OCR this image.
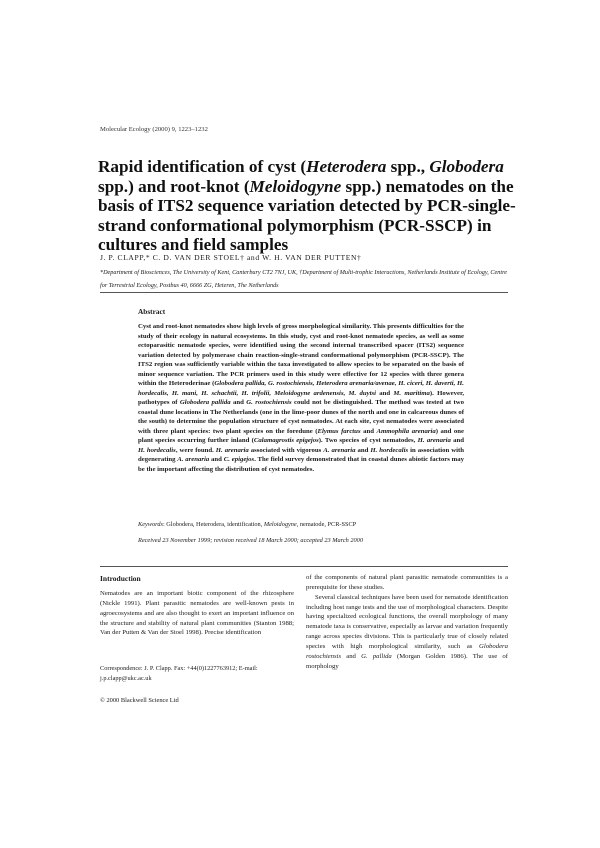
Molecular Ecology (2000) 9, 1223–1232
Rapid identification of cyst (Heterodera spp., Globodera spp.) and root-knot (Meloidogyne spp.) nematodes on the basis of ITS2 sequence variation detected by PCR-single-strand conformational polymorphism (PCR-SSCP) in cultures and field samples
J. P. CLAPP,* C. D. VAN DER STOEL† and W. H. VAN DER PUTTEN†
*Department of Biosciences, The University of Kent, Canterbury CT2 7NJ, UK, †Department of Multi-trophic Interactions, Netherlands Institute of Ecology, Centre for Terrestrial Ecology, Postbus 40, 6666 ZG, Heteren, The Netherlands
Abstract
Cyst and root-knot nematodes show high levels of gross morphological similarity. This presents difficulties for the study of their ecology in natural ecosystems. In this study, cyst and root-knot nematode species, as well as some ectoparasitic nematode species, were identified using the second internal transcribed spacer (ITS2) sequence variation detected by polymerase chain reaction-single-strand conformational polymorphism (PCR-SSCP). The ITS2 region was sufficiently variable within the taxa investigated to allow species to be separated on the basis of minor sequence variation. The PCR primers used in this study were effective for 12 species with three genera within the Heteroderinae (Globodera pallida, G. rostochiensis, Heterodera arenaria/avenae, H. ciceri, H. daverti, H. hordecalis, H. mani, H. schachtii, H. trifolii, Meloidogyne ardenensis, M. duytsi and M. maritima). However, pathotypes of Globodera pallida and G. rostochiensis could not be distinguished. The method was tested at two coastal dune locations in The Netherlands (one in the lime-poor dunes of the north and one in calcareous dunes of the south) to determine the population structure of cyst nematodes. At each site, cyst nematodes were associated with three plant species: two plant species on the foredune (Elymus farctus and Ammophila arenaria) and one plant species occurring further inland (Calamagrostis epigejos). Two species of cyst nematodes, H. arenaria and H. hordecalis, were found. H. arenaria associated with vigorous A. arenaria and H. hordecalis in association with degenerating A. arenaria and C. epigejos. The field survey demonstrated that in coastal dunes abiotic factors may be the important affecting the distribution of cyst nematodes.
Keywords: Globodera, Heterodera, identification, Meloidogyne, nematode, PCR-SSCP
Received 23 November 1999; revision received 18 March 2000; accepted 23 March 2000
Introduction
Nematodes are an important biotic component of the rhizosphere (Nickle 1991). Plant parasitic nematodes are well-known pests in agroecosystems and are also thought to exert an important influence on the structure and stability of natural plant communities (Stanton 1988; Van der Putten & Van der Stoel 1998). Precise identification

of the components of natural plant parasitic nematode communities is a prerequisite for these studies.

Several classical techniques have been used for nematode identification including host range tests and the use of morphological characters. Despite having specialized ecological functions, the overall morphology of many nematode taxa is conservative, especially as larvae and variation frequently range across species divisions. This is particularly true of closely related species with high morphological similarity, such as Globodera rostochiensis and G. pallida (Morgan Golden 1986). The use of morphology

Correspondence: J. P. Clapp. Fax: +44(0)1227763912; E-mail: j.p.clapp@ukc.ac.uk
© 2000 Blackwell Science Ltd
